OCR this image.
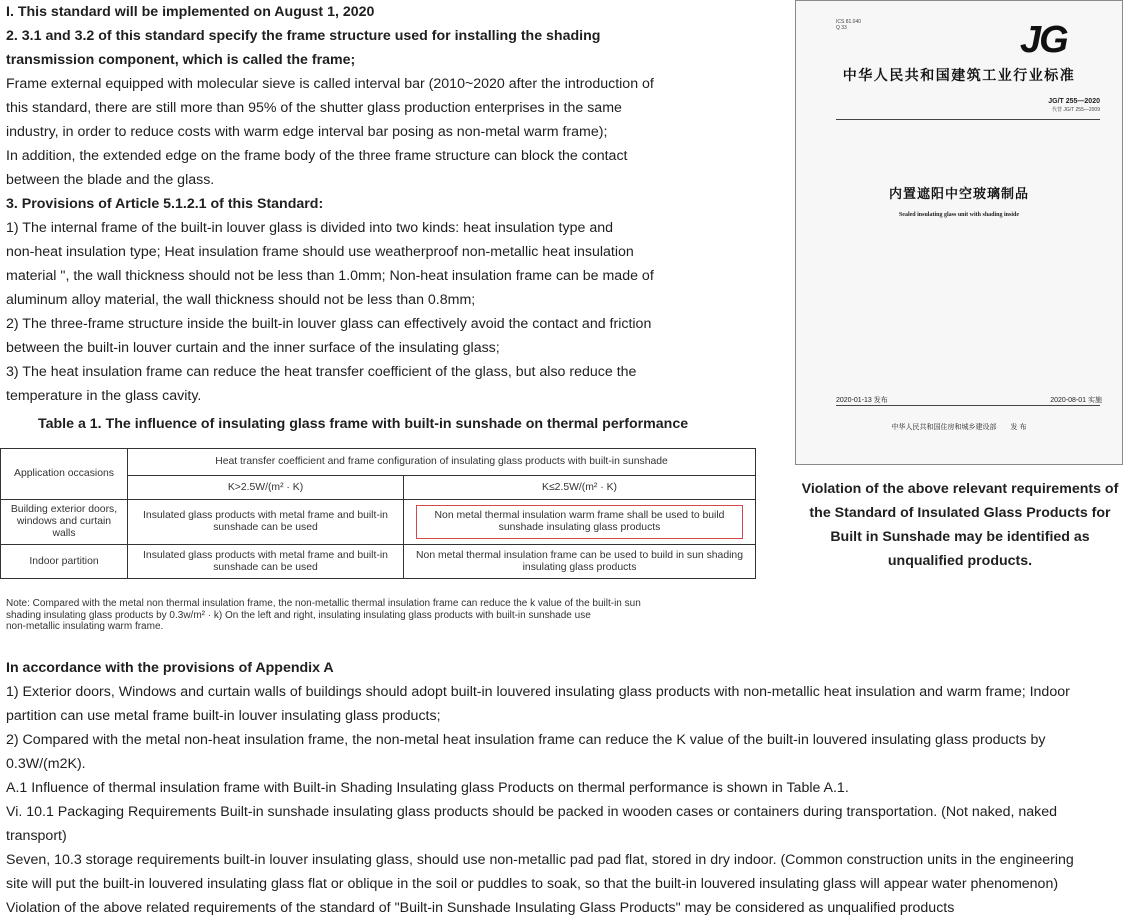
I. This standard will be implemented on August 1, 2020
2. 3.1 and 3.2 of this standard specify the frame structure used for installing the shading
transmission component, which is called the frame;
Frame external equipped with molecular sieve is called interval bar (2010~2020 after the introduction of
this standard, there are still more than 95% of the shutter glass production enterprises in the same
industry, in order to reduce costs with warm edge interval bar posing as non-metal warm frame);
In addition, the extended edge on the frame body of the three frame structure can block the contact
between the blade and the glass.
3. Provisions of Article 5.1.2.1 of this Standard:
1) The internal frame of the built-in louver glass is divided into two kinds: heat insulation type and
non-heat insulation type; Heat insulation frame should use weatherproof non-metallic heat insulation
material ", the wall thickness should not be less than 1.0mm; Non-heat insulation frame can be made of
aluminum alloy material, the wall thickness should not be less than 0.8mm;
2) The three-frame structure inside the built-in louver glass can effectively avoid the contact and friction
between the built-in louver curtain and the inner surface of the insulating glass;
3) The heat insulation frame can reduce the heat transfer coefficient of the glass, but also reduce the
temperature in the glass cavity.
Table a 1. The influence of insulating glass frame with built-in sunshade on thermal performance
Application occasions	Heat transfer coefficient and frame configuration of insulating glass products with built-in sunshade	
	K>2.5W/(m² · K)	K≤2.5W/(m² · K)
Building exterior doors, windows and curtain walls	Insulated glass products with metal frame and built-in sunshade can be used	Non metal thermal insulation warm frame shall be used to build sunshade insulating glass products

Indoor partition	Insulated glass products with metal frame and built-in sunshade can be used	Non metal thermal insulation frame can be used to build in sun shading insulating glass products
Note: Compared with the metal non thermal insulation frame, the non-metallic thermal insulation frame can reduce the k value of the built-in sun
shading insulating glass products by 0.3w/m² · k) On the left and right, insulating insulating glass products with built-in sunshade use
non-metallic insulating warm frame.
In accordance with the provisions of Appendix A
1) Exterior doors, Windows and curtain walls of buildings should adopt built-in louvered insulating glass products with non-metallic heat insulation and warm frame; Indoor
partition can use metal frame built-in louver insulating glass products;
2) Compared with the metal non-heat insulation frame, the non-metal heat insulation frame can reduce the K value of the built-in louvered insulating glass products by
0.3W/(m2K).
A.1 Influence of thermal insulation frame with Built-in Shading Insulating glass Products on thermal performance is shown in Table A.1.
Vi. 10.1 Packaging Requirements Built-in sunshade insulating glass products should be packed in wooden cases or containers during transportation. (Not naked, naked
transport)
Seven, 10.3 storage requirements built-in louver insulating glass, should use non-metallic pad pad flat, stored in dry indoor. (Common construction units in the engineering
site will put the built-in louvered insulating glass flat or oblique in the soil or puddles to soak, so that the built-in louvered insulating glass will appear water phenomenon)
Violation of the above related requirements of the standard of "Built-in Sunshade Insulating Glass Products" may be considered as unqualified products
ICS 81.040
Q 33	JG
中华人民共和国建筑工业行业标准
JG/T 255—2020
代替 JG/T 255—2009
内置遮阳中空玻璃制品
Sealed insulating glass unit with shading inside
2020-01-13 发布	2020-08-01 实施
中华人民共和国住房和城乡建设部　　发 布
Violation of the above relevant requirements of the Standard of Insulated Glass Products for Built in Sunshade may be identified as unqualified products.
